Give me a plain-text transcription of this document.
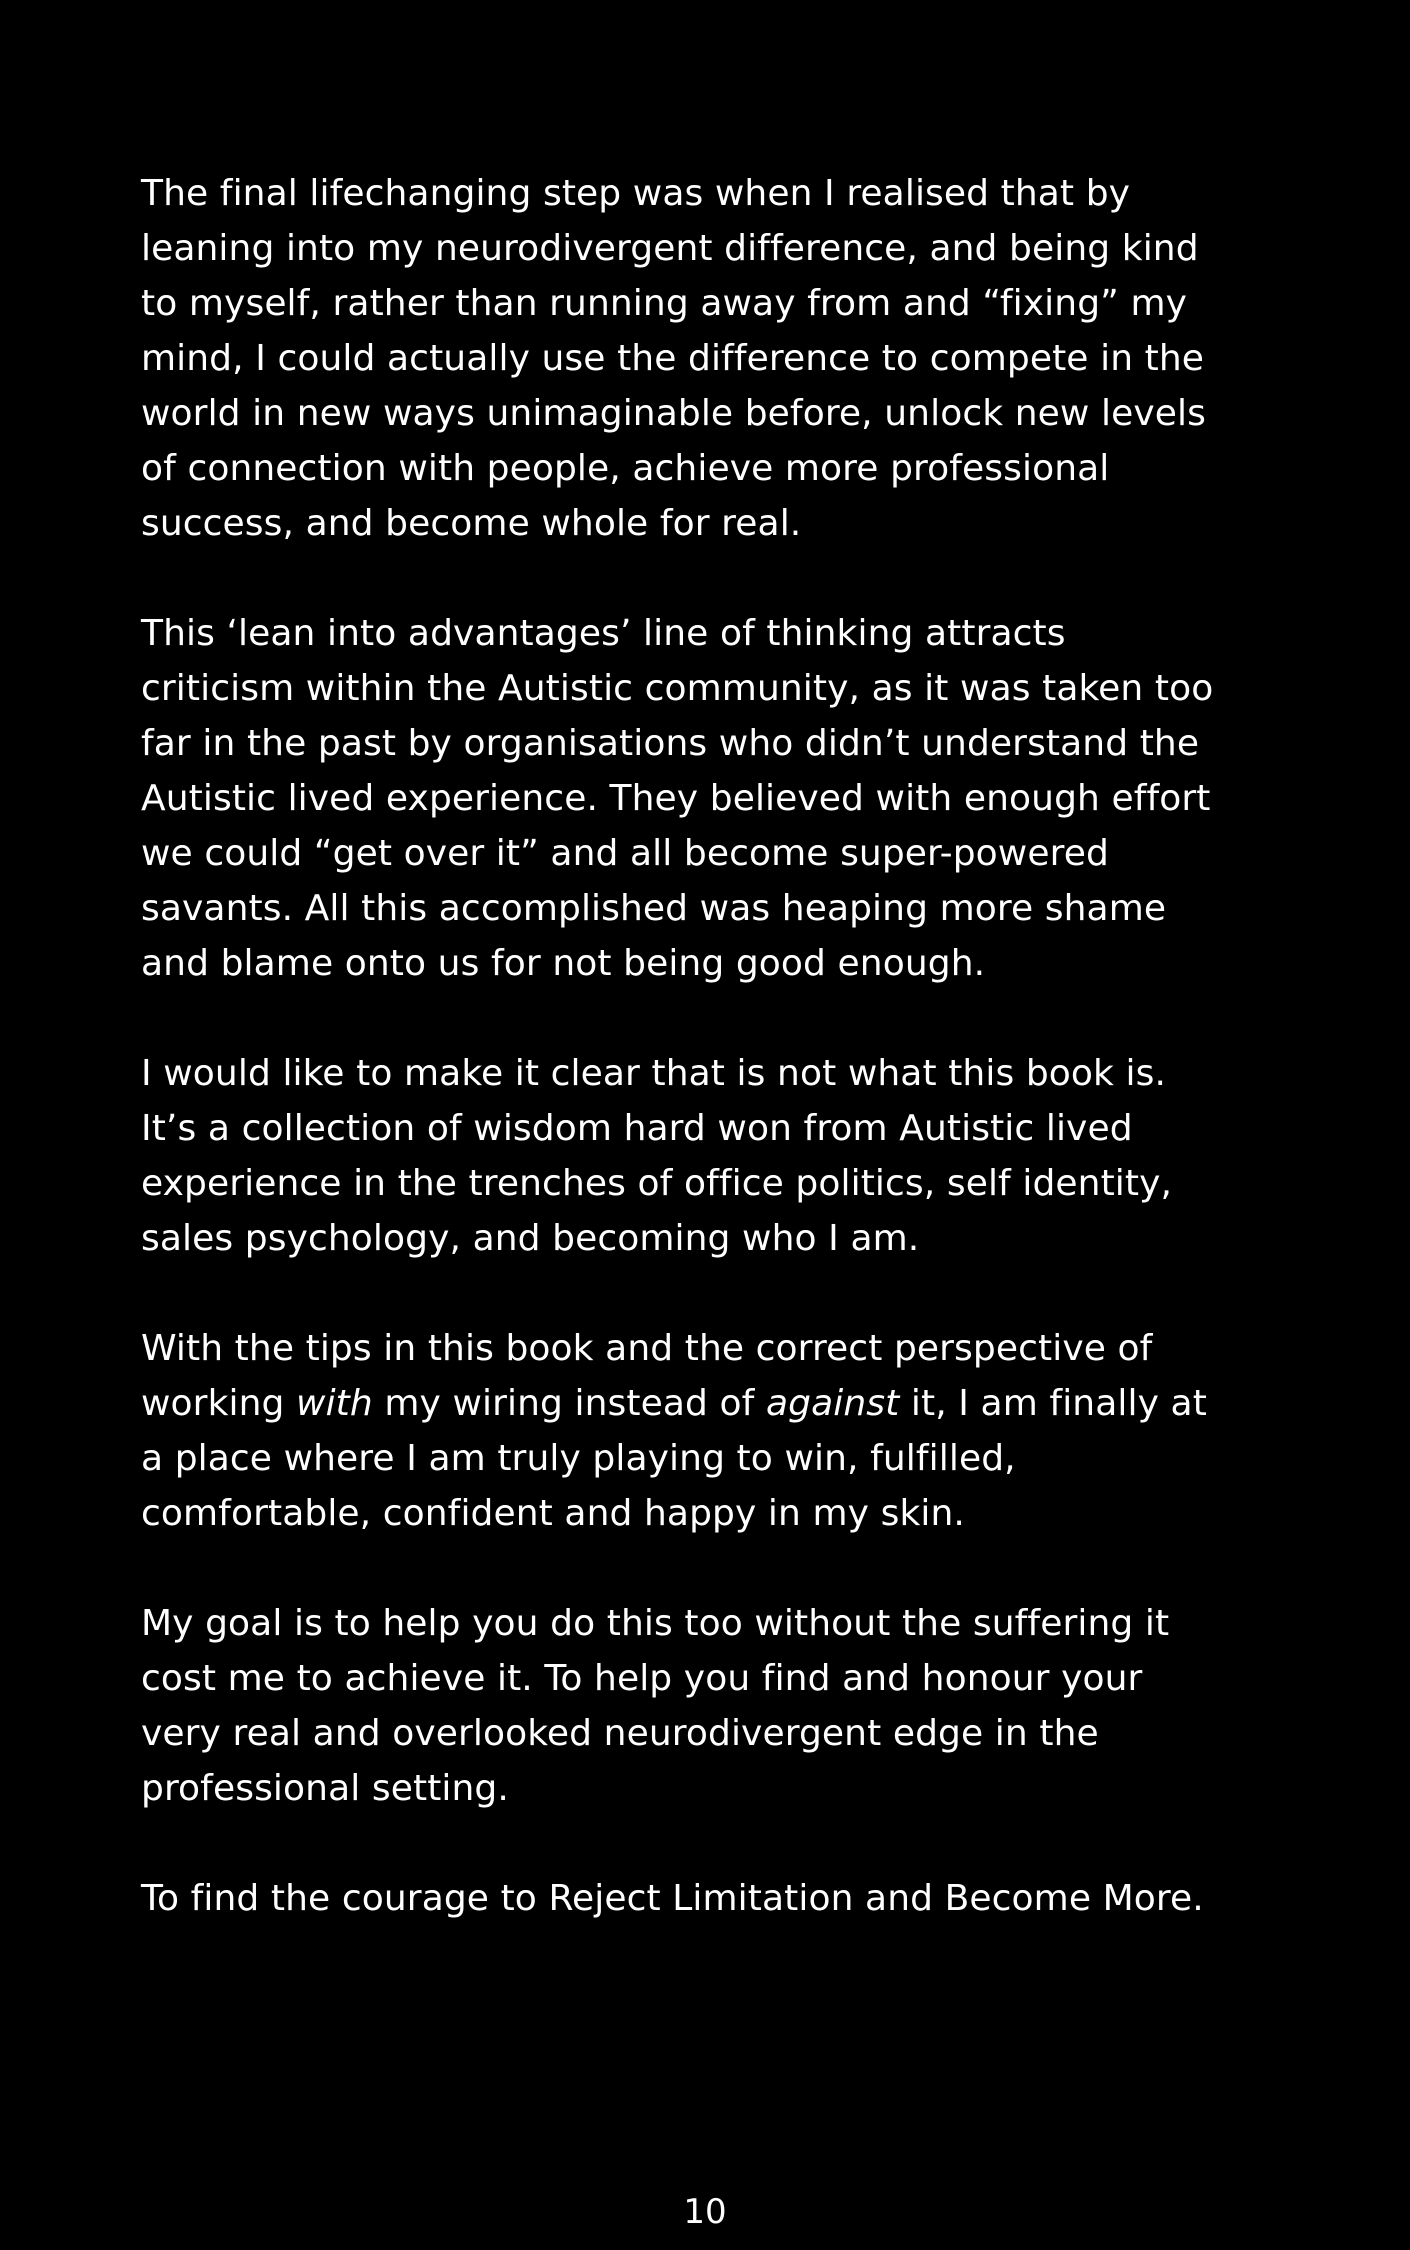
The final lifechanging step was when I realised that by
leaning into my neurodivergent difference, and being kind
to myself, rather than running away from and “fixing” my
mind, I could actually use the difference to compete in the
world in new ways unimaginable before, unlock new levels
of connection with people, achieve more professional
success, and become whole for real.

This ‘lean into advantages’ line of thinking attracts
criticism within the Autistic community, as it was taken too
far in the past by organisations who didn’t understand the
Autistic lived experience. They believed with enough effort
we could “get over it” and all become super-powered
savants. All this accomplished was heaping more shame
and blame onto us for not being good enough.

I would like to make it clear that is not what this book is.
It’s a collection of wisdom hard won from Autistic lived
experience in the trenches of office politics, self identity,
sales psychology, and becoming who I am.

With the tips in this book and the correct perspective of
working with my wiring instead of against it, I am finally at
a place where I am truly playing to win, fulfilled,
comfortable, confident and happy in my skin.

My goal is to help you do this too without the suffering it
cost me to achieve it. To help you find and honour your
very real and overlooked neurodivergent edge in the
professional setting.

To find the courage to Reject Limitation and Become More.

10
